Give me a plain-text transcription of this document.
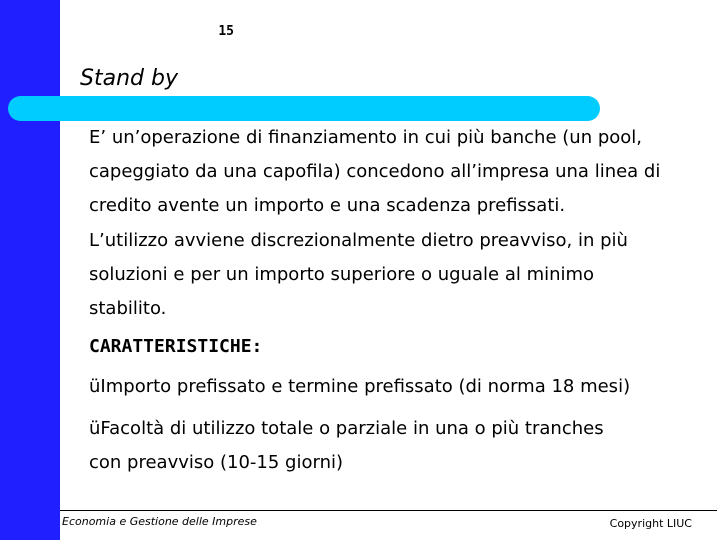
15
Stand by

E’ un’operazione di finanziamento in cui più banche (un pool,
capeggiato da una capofila) concedono all’impresa una linea di
credito avente un importo e una scadenza prefissati.
L’utilizzo avviene discrezionalmente dietro preavviso, in più
soluzioni e per un importo superiore o uguale al minimo
stabilito.

CARATTERISTICHE:
üImporto prefissato e termine prefissato (di norma 18 mesi)
üFacoltà di utilizzo totale o parziale in una o più tranches
con preavviso (10-15 giorni)
Economia e Gestione delle Imprese	Copyright LIUC
